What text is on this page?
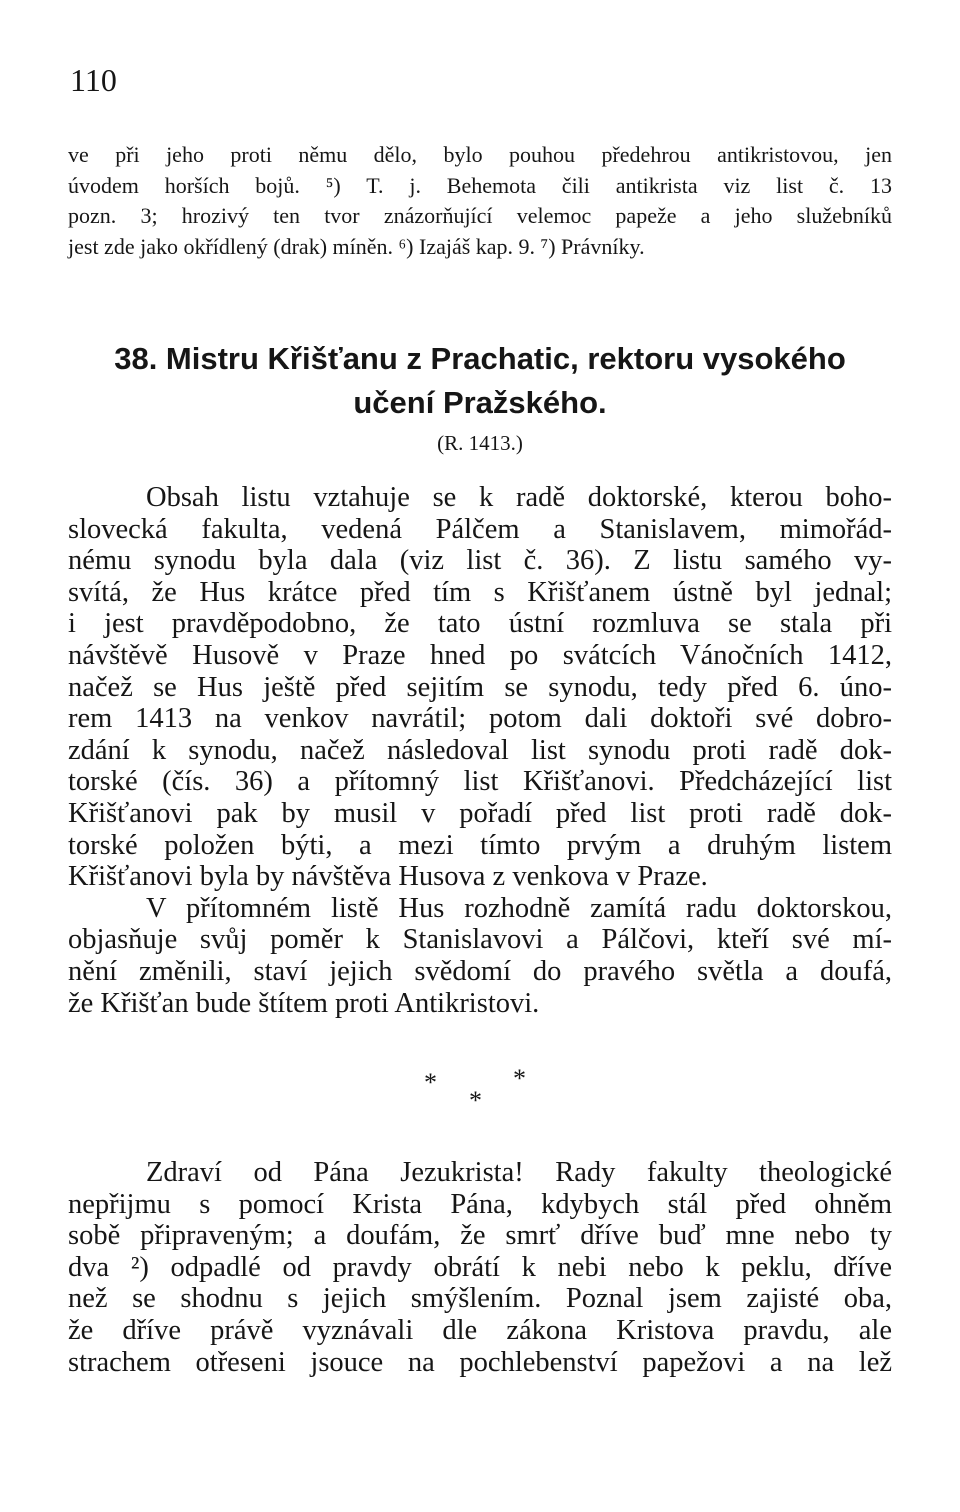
110
ve při jeho proti němu dělo, bylo pouhou předehrou antikristovou, jen
úvodem horších bojů. ⁵) T. j. Behemota čili antikrista viz list č. 13
pozn. 3; hrozivý ten tvor znázorňující velemoc papeže a jeho služebníků
jest zde jako okřídlený (drak) míněn. ⁶) Izajáš kap. 9. ⁷) Právníky.
38. Mistru Křišťanu z Prachatic, rektoru vysokého
učení Pražského.
(R. 1413.)
Obsah listu vztahuje se k radě doktorské, kterou boho-
slovecká fakulta, vedená Pálčem a Stanislavem, mimořád-
nému synodu byla dala (viz list č. 36). Z listu samého vy-
svítá, že Hus krátce před tím s Křišťanem ústně byl jednal;
i jest pravděpodobno, že tato ústní rozmluva se stala při
návštěvě Husově v Praze hned po svátcích Vánočních 1412,
načež se Hus ještě před sejitím se synodu, tedy před 6. úno-
rem 1413 na venkov navrátil; potom dali doktoři své dobro-
zdání k synodu, načež následoval list synodu proti radě dok-
torské (čís. 36) a přítomný list Křišťanovi. Předcházející list
Křišťanovi pak by musil v pořadí před list proti radě dok-
torské položen býti, a mezi tímto prvým a druhým listem
Křišťanovi byla by návštěva Husova z venkova v Praze.
V přítomném listě Hus rozhodně zamítá radu doktorskou,
objasňuje svůj poměr k Stanislavovi a Pálčovi, kteří své mí-
nění změnili, staví jejich svědomí do pravého světla a doufá,
že Křišťan bude štítem proti Antikristovi.
*	*
*
Zdraví od Pána Jezukrista! Rady fakulty theologické
nepřijmu s pomocí Krista Pána, kdybych stál před ohněm
sobě připraveným; a doufám, že smrť dříve buď mne nebo ty
dva ²) odpadlé od pravdy obrátí k nebi nebo k peklu, dříve
než se shodnu s jejich smýšlením. Poznal jsem zajisté oba,
že dříve právě vyznávali dle zákona Kristova pravdu, ale
strachem otřeseni jsouce na pochlebenství papežovi a na lež
